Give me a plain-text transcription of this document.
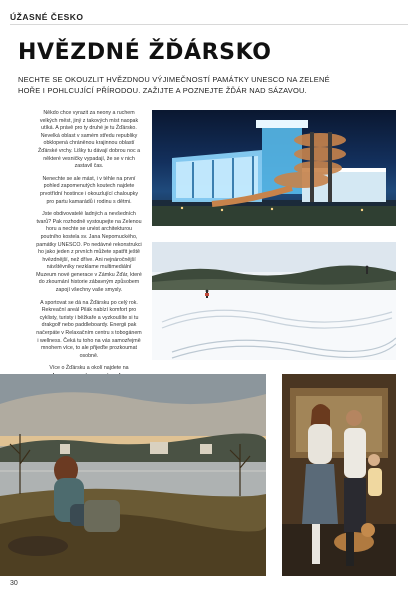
ÚŽASNÉ ČESKO
HVĚZDNÉ ŽĎÁRSKO
NECHTE SE OKOUZLIT HVĚZDNOU VÝJIMEČNOSTÍ PAMÁTKY UNESCO NA ZELENÉ HOŘE I POHLCUJÍCÍ PŘÍRODOU. ZAŽIJTE A POZNEJTE ŽĎÁR NAD SÁZAVOU.

Někdo chce vyrazit za neony a ruchem velkých měst, jiný z takových míst naopak utíká. A právě pro ty druhé je tu Žďársko. Nevelká oblast v samém středu republiky obklopená chráněnou krajinnou oblastí Žďárské vrchy. Lišky tu dávají dobrou noc a některé vesničky vypadají, že se v nich zastavil čas.

Nenechte se ale mást, i v téhle na první pohled zapomenutých koutech najdete prvotřídní hostince i okouzlující chaloupky pro partu kamarádů i rodinu s dětmi.

Jste obdivovatelé ladných a nevšedních tvarů? Pak rozhodně vystoupejte na Zelenou horu a nechte se unést architekturou poutního kostela sv. Jana Nepomuckého, památky UNESCO. Po nedávné rekonstrukci ho jako jeden z prvních můžete spatřit ještě hvězdnější, než dříve. Ani nejnáročnější návštěvníky nezklame multimediální Muzeum nové generace v Zámku Žďár, které do zkoumání historie zábavným způsobem zapojí všechny vaše smysly.

A sportovat se dá na Žďársku po celý rok. Rekreační areál Pilák nabízí komfort pro cyklisty, turisty i běžkaře a vyzkoušíte si tu drakgolf nebo paddleboardy. Energii pak načerpáte v Relaxačním centru s tobogánem i wellness. Čeká tu toho na vás samozřejmě mnohem více, to ale přijeďte prozkoumat osobně.

Více o Žďársku a okolí najdete na

30
